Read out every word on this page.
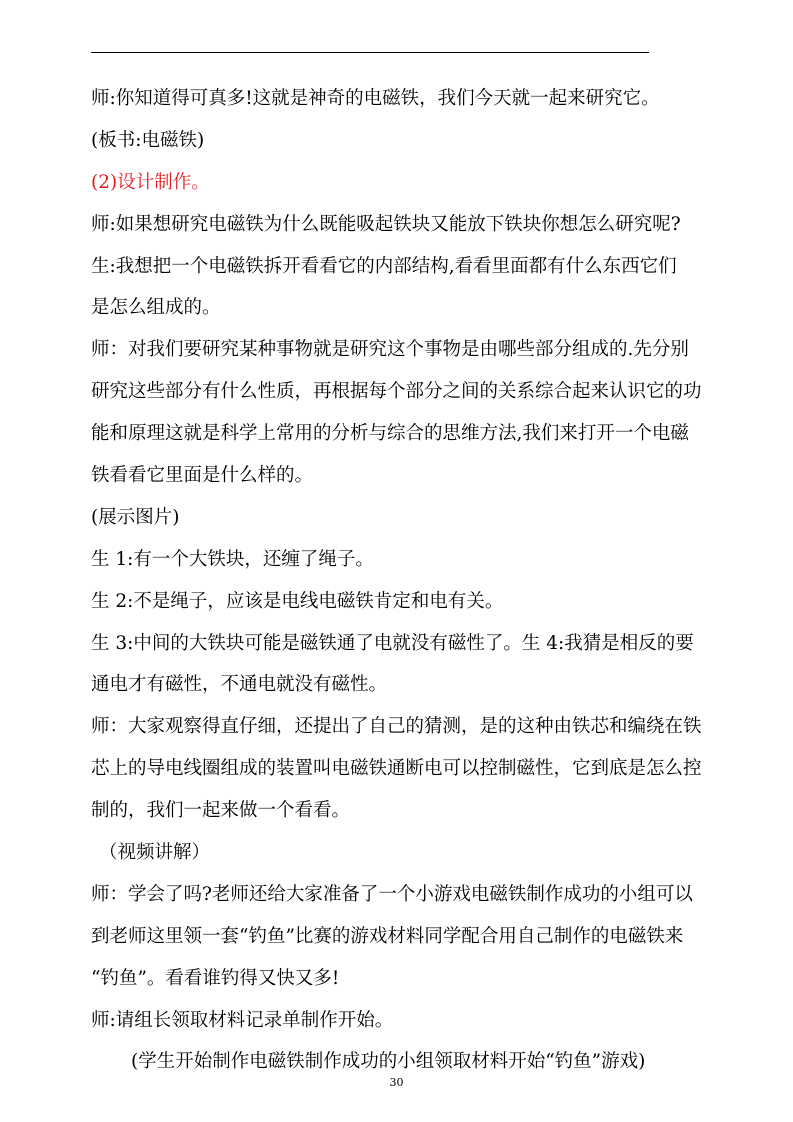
师:你知道得可真多!这就是神奇的电磁铁，我们今天就一起来研究它。

(板书:电磁铁)

(2)设计制作。

师:如果想研究电磁铁为什么既能吸起铁块又能放下铁块你想怎么研究呢?

生:我想把一个电磁铁拆开看看它的内部结构,看看里面都有什么东西它们

是怎么组成的。

师：对我们要研究某种事物就是研究这个事物是由哪些部分组成的.先分别

研究这些部分有什么性质，再根据每个部分之间的关系综合起来认识它的功

能和原理这就是科学上常用的分析与综合的思维方法,我们来打开一个电磁

铁看看它里面是什么样的。

(展示图片)

生 1:有一个大铁块，还缠了绳子。

生 2:不是绳子，应该是电线电磁铁肯定和电有关。

生 3:中间的大铁块可能是磁铁通了电就没有磁性了。生 4:我猜是相反的要

通电才有磁性，不通电就没有磁性。

师：大家观察得直仔细，还提出了自己的猜测，是的这种由铁芯和编绕在铁

芯上的导电线圈组成的装置叫电磁铁通断电可以控制磁性，它到底是怎么控

制的，我们一起来做一个看看。

（视频讲解）

师：学会了吗?老师还给大家准备了一个小游戏电磁铁制作成功的小组可以

到老师这里领一套“钓鱼”比赛的游戏材料同学配合用自己制作的电磁铁来

“钓鱼”。看看谁钓得又快又多!

师:请组长领取材料记录单制作开始。

(学生开始制作电磁铁制作成功的小组领取材料开始“钓鱼”游戏)

30
